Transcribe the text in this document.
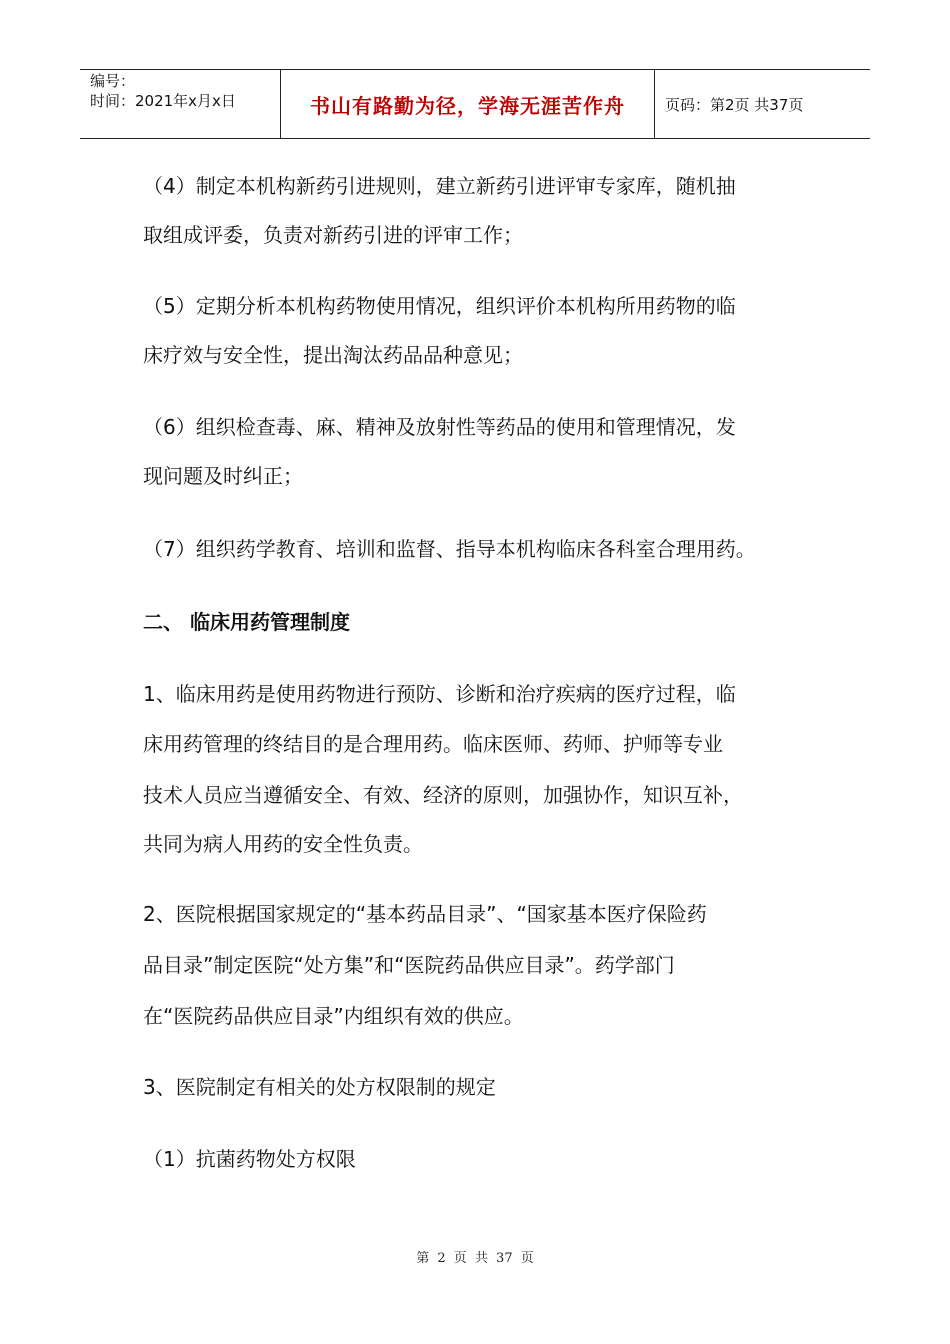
编号：
时间：2021年x月x日	书山有路勤为径，学海无涯苦作舟	页码：第2页 共37页
（4）制定本机构新药引进规则，建立新药引进评审专家库，随机抽
取组成评委，负责对新药引进的评审工作；
（5）定期分析本机构药物使用情况，组织评价本机构所用药物的临
床疗效与安全性，提出淘汰药品品种意见；
（6）组织检查毒、麻、精神及放射性等药品的使用和管理情况，发
现问题及时纠正；
（7）组织药学教育、培训和监督、指导本机构临床各科室合理用药。
二、 临床用药管理制度
1、临床用药是使用药物进行预防、诊断和治疗疾病的医疗过程，临
床用药管理的终结目的是合理用药。临床医师、药师、护师等专业
技术人员应当遵循安全、有效、经济的原则，加强协作，知识互补，
共同为病人用药的安全性负责。
2、医院根据国家规定的“基本药品目录”、“国家基本医疗保险药
品目录”制定医院“处方集”和“医院药品供应目录”。药学部门
在“医院药品供应目录”内组织有效的供应。
3、医院制定有相关的处方权限制的规定
（1）抗菌药物处方权限
第 2 页 共 37 页
